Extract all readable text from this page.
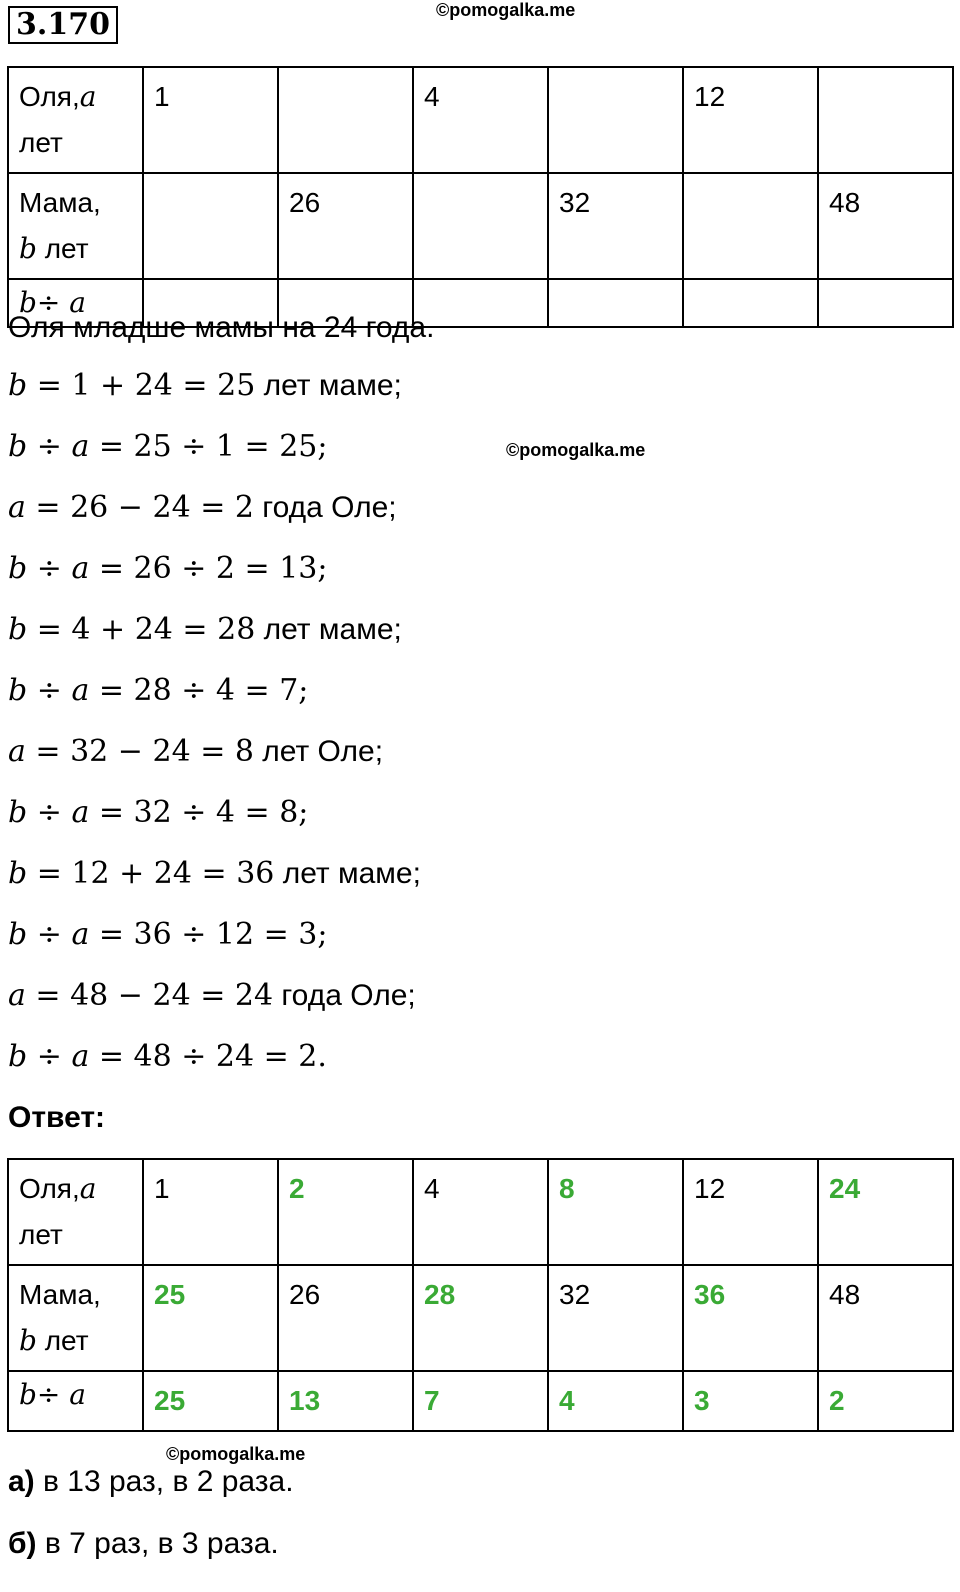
3.170	©pomogalka.me
Оля,a
лет	1		4		12	
Мама,
b лет		26		32		48
b÷ a						
Оля младше мамы на 24 года.
b = 1 + 24 = 25 лет маме;
b ÷ a = 25 ÷ 1 = 25;
a = 26 − 24 = 2 года Оле;
b ÷ a = 26 ÷ 2 = 13;
b = 4 + 24 = 28 лет маме;
b ÷ a = 28 ÷ 4 = 7;
a = 32 − 24 = 8 лет Оле;
b ÷ a = 32 ÷ 4 = 8;
b = 12 + 24 = 36 лет маме;
b ÷ a = 36 ÷ 12 = 3;
a = 48 − 24 = 24 года Оле;
b ÷ a = 48 ÷ 24 = 2.
©pomogalka.me
Ответ:
Оля,a
лет	1	2	4	8	12	24
Мама,
b лет	25	26	28	32	36	48
b÷ a	25	13	7	4	3	2
©pomogalka.me
а) в 13 раз, в 2 раза.
б) в 7 раз, в 3 раза.
